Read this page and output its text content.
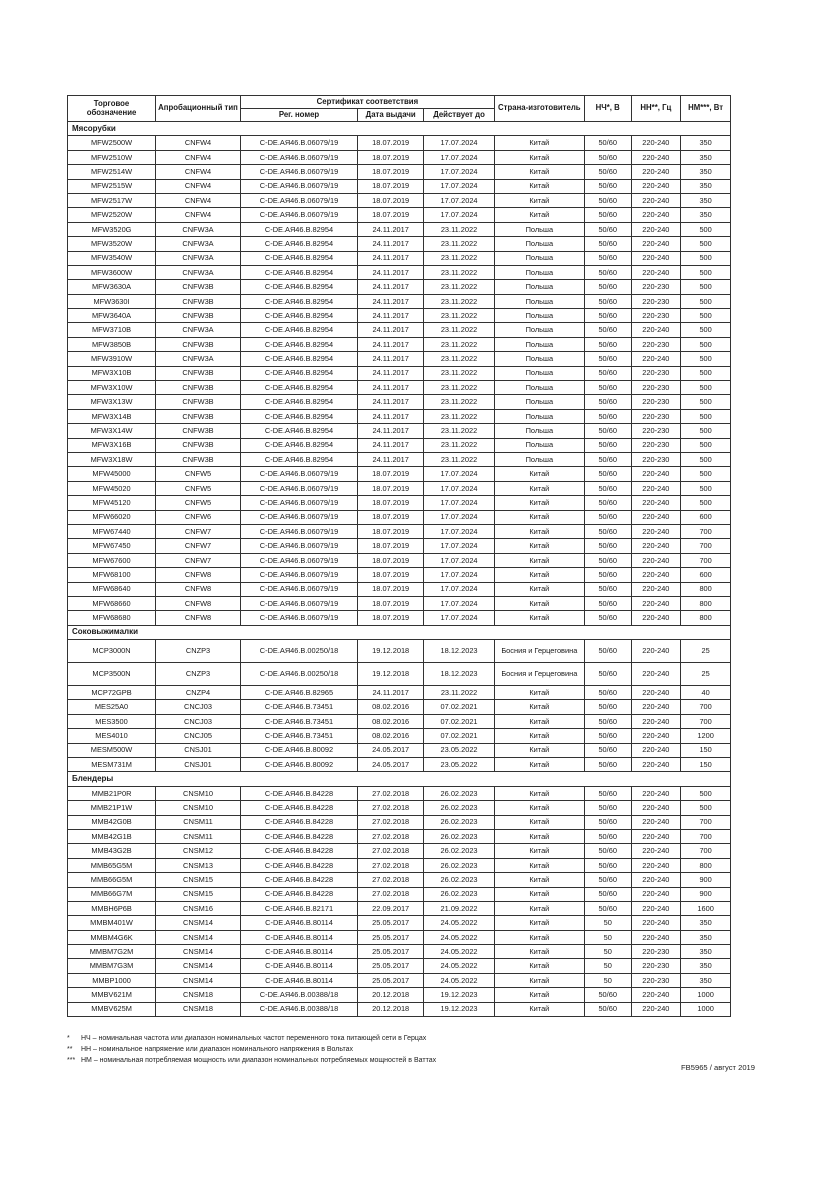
Торговое обозначение	Апробационный тип	Сертификат соответствия			Страна-изготовитель	НЧ*, В	НН**, Гц	НМ***, Вт
		Рег. номер	Дата выдачи	Действует до				
Мясорубки								
MFW2500W	CNFW4	C-DE.АЯ46.В.06079/19	18.07.2019	17.07.2024	Китай	50/60	220-240	350
MFW2510W	CNFW4	C-DE.АЯ46.В.06079/19	18.07.2019	17.07.2024	Китай	50/60	220-240	350
MFW2514W	CNFW4	C-DE.АЯ46.В.06079/19	18.07.2019	17.07.2024	Китай	50/60	220-240	350
MFW2515W	CNFW4	C-DE.АЯ46.В.06079/19	18.07.2019	17.07.2024	Китай	50/60	220-240	350
MFW2517W	CNFW4	C-DE.АЯ46.В.06079/19	18.07.2019	17.07.2024	Китай	50/60	220-240	350
MFW2520W	CNFW4	C-DE.АЯ46.В.06079/19	18.07.2019	17.07.2024	Китай	50/60	220-240	350
MFW3520G	CNFW3A	C-DE.АЯ46.В.82954	24.11.2017	23.11.2022	Польша	50/60	220-240	500
MFW3520W	CNFW3A	C-DE.АЯ46.В.82954	24.11.2017	23.11.2022	Польша	50/60	220-240	500
MFW3540W	CNFW3A	C-DE.АЯ46.В.82954	24.11.2017	23.11.2022	Польша	50/60	220-240	500
MFW3600W	CNFW3A	C-DE.АЯ46.В.82954	24.11.2017	23.11.2022	Польша	50/60	220-240	500
MFW3630A	CNFW3B	C-DE.АЯ46.В.82954	24.11.2017	23.11.2022	Польша	50/60	220-230	500
MFW3630I	CNFW3B	C-DE.АЯ46.В.82954	24.11.2017	23.11.2022	Польша	50/60	220-230	500
MFW3640A	CNFW3B	C-DE.АЯ46.В.82954	24.11.2017	23.11.2022	Польша	50/60	220-230	500
MFW3710B	CNFW3A	C-DE.АЯ46.В.82954	24.11.2017	23.11.2022	Польша	50/60	220-240	500
MFW3850B	CNFW3B	C-DE.АЯ46.В.82954	24.11.2017	23.11.2022	Польша	50/60	220-230	500
MFW3910W	CNFW3A	C-DE.АЯ46.В.82954	24.11.2017	23.11.2022	Польша	50/60	220-240	500
MFW3X10B	CNFW3B	C-DE.АЯ46.В.82954	24.11.2017	23.11.2022	Польша	50/60	220-230	500
MFW3X10W	CNFW3B	C-DE.АЯ46.В.82954	24.11.2017	23.11.2022	Польша	50/60	220-230	500
MFW3X13W	CNFW3B	C-DE.АЯ46.В.82954	24.11.2017	23.11.2022	Польша	50/60	220-230	500
MFW3X14B	CNFW3B	C-DE.АЯ46.В.82954	24.11.2017	23.11.2022	Польша	50/60	220-230	500
MFW3X14W	CNFW3B	C-DE.АЯ46.В.82954	24.11.2017	23.11.2022	Польша	50/60	220-230	500
MFW3X16B	CNFW3B	C-DE.АЯ46.В.82954	24.11.2017	23.11.2022	Польша	50/60	220-230	500
MFW3X18W	CNFW3B	C-DE.АЯ46.В.82954	24.11.2017	23.11.2022	Польша	50/60	220-230	500
MFW45000	CNFW5	C-DE.АЯ46.В.06079/19	18.07.2019	17.07.2024	Китай	50/60	220-240	500
MFW45020	CNFW5	C-DE.АЯ46.В.06079/19	18.07.2019	17.07.2024	Китай	50/60	220-240	500
MFW45120	CNFW5	C-DE.АЯ46.В.06079/19	18.07.2019	17.07.2024	Китай	50/60	220-240	500
MFW66020	CNFW6	C-DE.АЯ46.В.06079/19	18.07.2019	17.07.2024	Китай	50/60	220-240	600
MFW67440	CNFW7	C-DE.АЯ46.В.06079/19	18.07.2019	17.07.2024	Китай	50/60	220-240	700
MFW67450	CNFW7	C-DE.АЯ46.В.06079/19	18.07.2019	17.07.2024	Китай	50/60	220-240	700
MFW67600	CNFW7	C-DE.АЯ46.В.06079/19	18.07.2019	17.07.2024	Китай	50/60	220-240	700
MFW68100	CNFW8	C-DE.АЯ46.В.06079/19	18.07.2019	17.07.2024	Китай	50/60	220-240	600
MFW68640	CNFW8	C-DE.АЯ46.В.06079/19	18.07.2019	17.07.2024	Китай	50/60	220-240	800
MFW68660	CNFW8	C-DE.АЯ46.В.06079/19	18.07.2019	17.07.2024	Китай	50/60	220-240	800
MFW68680	CNFW8	C-DE.АЯ46.В.06079/19	18.07.2019	17.07.2024	Китай	50/60	220-240	800
Соковыжималки								
MCP3000N	CNZP3	C-DE.АЯ46.В.00250/18	19.12.2018	18.12.2023	Босния и Герцеговина	50/60	220-240	25
MCP3500N	CNZP3	C-DE.АЯ46.В.00250/18	19.12.2018	18.12.2023	Босния и Герцеговина	50/60	220-240	25
MCP72GPB	CNZP4	C-DE.АЯ46.В.82965	24.11.2017	23.11.2022	Китай	50/60	220-240	40
MES25A0	CNCJ03	C-DE.АЯ46.В.73451	08.02.2016	07.02.2021	Китай	50/60	220-240	700
MES3500	CNCJ03	C-DE.АЯ46.В.73451	08.02.2016	07.02.2021	Китай	50/60	220-240	700
MES4010	CNCJ05	C-DE.АЯ46.В.73451	08.02.2016	07.02.2021	Китай	50/60	220-240	1200
MESM500W	CNSJ01	C-DE.АЯ46.В.80092	24.05.2017	23.05.2022	Китай	50/60	220-240	150
MESM731M	CNSJ01	C-DE.АЯ46.В.80092	24.05.2017	23.05.2022	Китай	50/60	220-240	150
Блендеры								
MMB21P0R	CNSM10	C-DE.АЯ46.В.84228	27.02.2018	26.02.2023	Китай	50/60	220-240	500
MMB21P1W	CNSM10	C-DE.АЯ46.В.84228	27.02.2018	26.02.2023	Китай	50/60	220-240	500
MMB42G0B	CNSM11	C-DE.АЯ46.В.84228	27.02.2018	26.02.2023	Китай	50/60	220-240	700
MMB42G1B	CNSM11	C-DE.АЯ46.В.84228	27.02.2018	26.02.2023	Китай	50/60	220-240	700
MMB43G2B	CNSM12	C-DE.АЯ46.В.84228	27.02.2018	26.02.2023	Китай	50/60	220-240	700
MMB65G5M	CNSM13	C-DE.АЯ46.В.84228	27.02.2018	26.02.2023	Китай	50/60	220-240	800
MMB66G5M	CNSM15	C-DE.АЯ46.В.84228	27.02.2018	26.02.2023	Китай	50/60	220-240	900
MMB66G7M	CNSM15	C-DE.АЯ46.В.84228	27.02.2018	26.02.2023	Китай	50/60	220-240	900
MMBH6P6B	CNSM16	C-DE.АЯ46.В.82171	22.09.2017	21.09.2022	Китай	50/60	220-240	1600
MMBM401W	CNSM14	C-DE.АЯ46.В.80114	25.05.2017	24.05.2022	Китай	50	220-240	350
MMBM4G6K	CNSM14	C-DE.АЯ46.В.80114	25.05.2017	24.05.2022	Китай	50	220-240	350
MMBM7G2M	CNSM14	C-DE.АЯ46.В.80114	25.05.2017	24.05.2022	Китай	50	220-230	350
MMBM7G3M	CNSM14	C-DE.АЯ46.В.80114	25.05.2017	24.05.2022	Китай	50	220-230	350
MMBP1000	CNSM14	C-DE.АЯ46.В.80114	25.05.2017	24.05.2022	Китай	50	220-230	350
MMBV621M	CNSM18	C-DE.АЯ46.В.00388/18	20.12.2018	19.12.2023	Китай	50/60	220-240	1000
MMBV625M	CNSM18	C-DE.АЯ46.В.00388/18	20.12.2018	19.12.2023	Китай	50/60	220-240	1000
* НЧ – номинальная частота или диапазон номинальных частот переменного тока питающей сети в Герцах
** НН – номинальное напряжение или диапазон номинального напряжения в Вольтах
*** НМ – номинальная потребляемая мощность или диапазон номинальных потребляемых мощностей в Ваттах
FB5965 / август 2019
